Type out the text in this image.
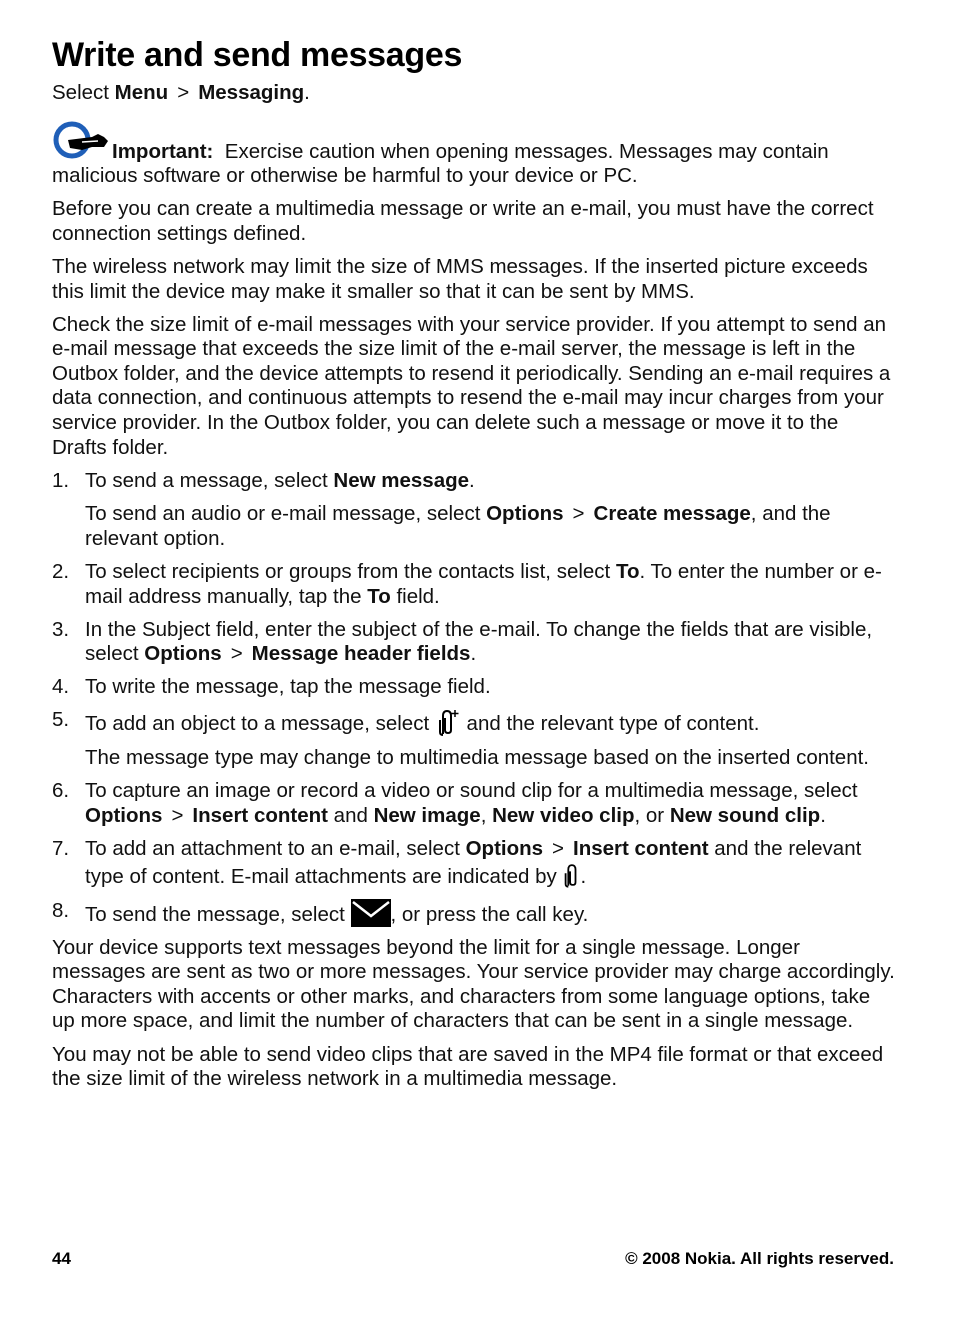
Write and send messages

Select Menu > Messaging.

Important: Exercise caution when opening messages. Messages may contain malicious software or otherwise be harmful to your device or PC.

Before you can create a multimedia message or write an e-mail, you must have the correct connection settings defined.

The wireless network may limit the size of MMS messages. If the inserted picture exceeds this limit the device may make it smaller so that it can be sent by MMS.

Check the size limit of e-mail messages with your service provider. If you attempt to send an e-mail message that exceeds the size limit of the e-mail server, the message is left in the Outbox folder, and the device attempts to resend it periodically. Sending an e-mail requires a data connection, and continuous attempts to resend the e-mail may incur charges from your service provider. In the Outbox folder, you can delete such a message or move it to the Drafts folder.

1. To send a message, select New message.
To send an audio or e-mail message, select Options > Create message, and the relevant option.
2. To select recipients or groups from the contacts list, select To. To enter the number or e-mail address manually, tap the To field.
3. In the Subject field, enter the subject of the e-mail. To change the fields that are visible, select Options > Message header fields.
4. To write the message, tap the message field.
5. To add an object to a message, select  and the relevant type of content.
The message type may change to multimedia message based on the inserted content.
6. To capture an image or record a video or sound clip for a multimedia message, select Options > Insert content and New image, New video clip, or New sound clip.
7. To add an attachment to an e-mail, select Options > Insert content and the relevant type of content. E-mail attachments are indicated by .
8. To send the message, select , or press the call key.

Your device supports text messages beyond the limit for a single message. Longer messages are sent as two or more messages. Your service provider may charge accordingly. Characters with accents or other marks, and characters from some language options, take up more space, and limit the number of characters that can be sent in a single message.

You may not be able to send video clips that are saved in the MP4 file format or that exceed the size limit of the wireless network in a multimedia message.

44	© 2008 Nokia. All rights reserved.
